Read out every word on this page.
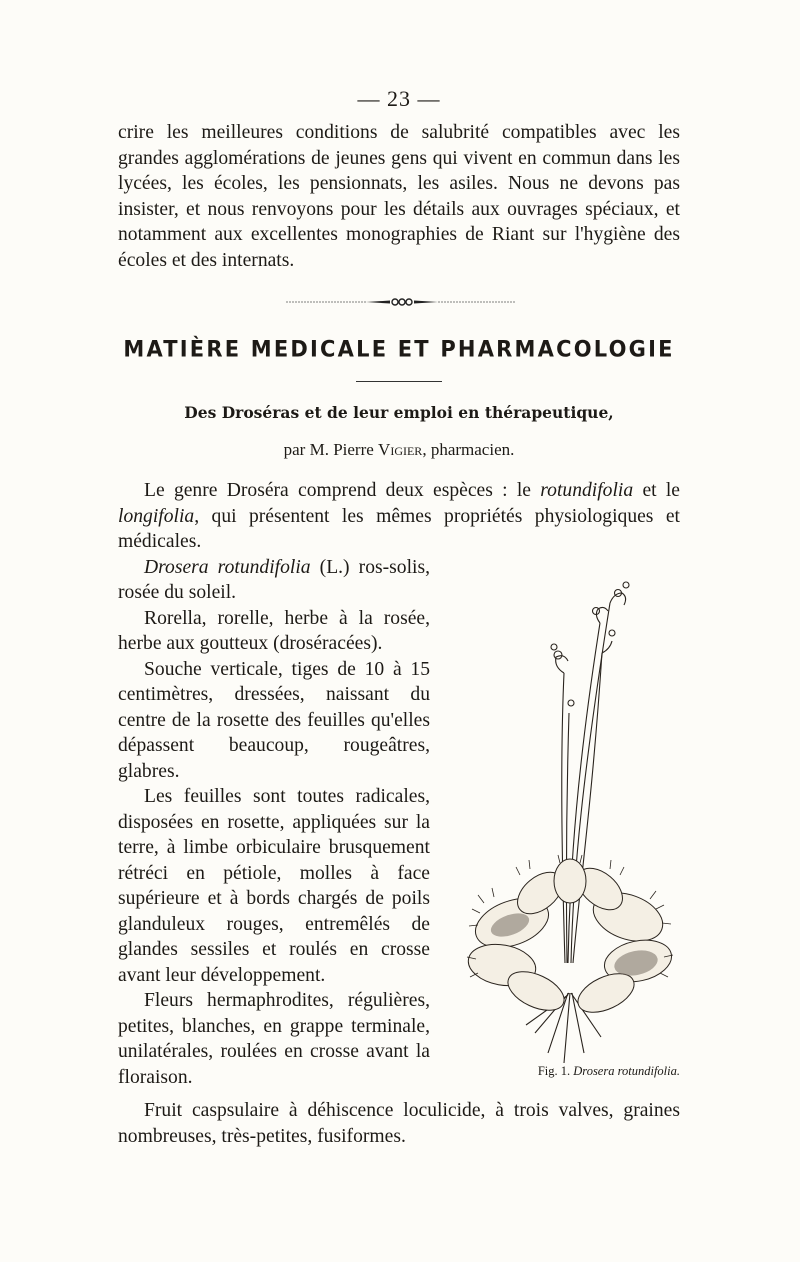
— 23 —

crire les meilleures conditions de salubrité compatibles avec les grandes agglomérations de jeunes gens qui vivent en commun dans les lycées, les écoles, les pensionnats, les asiles. Nous ne devons pas insister, et nous renvoyons pour les détails aux ouvrages spéciaux, et notamment aux excellentes monographies de Riant sur l'hygiène des écoles et des internats.

MATIÈRE MEDICALE ET PHARMACOLOGIE
Des Droséras et de leur emploi en thérapeutique,
par M. Pierre Vigier, pharmacien.

Le genre Droséra comprend deux espèces : le rotundifolia et le longifolia, qui présentent les mêmes propriétés physiologiques et médicales.

Drosera rotundifolia (L.) ros-solis, rosée du soleil.

Rorella, rorelle, herbe à la rosée, herbe aux goutteux (droséracées).

Souche verticale, tiges de 10 à 15 centimètres, dressées, naissant du centre de la rosette des feuilles qu'elles dépassent beaucoup, rougeâtres, glabres.

Les feuilles sont toutes radicales, disposées en rosette, appliquées sur la terre, à limbe orbiculaire brusquement rétréci en pétiole, molles à face supérieure et à bords chargés de poils glanduleux rouges, entremêlés de glandes sessiles et roulés en crosse avant leur développement.

Fleurs hermaphrodites, régulières, petites, blanches, en grappe terminale, unilatérales, roulées en crosse avant la floraison.	Fig. 1. Drosera rotundifolia.

Fruit caspsulaire à déhiscence loculicide, à trois valves, graines nombreuses, très-petites, fusiformes.
